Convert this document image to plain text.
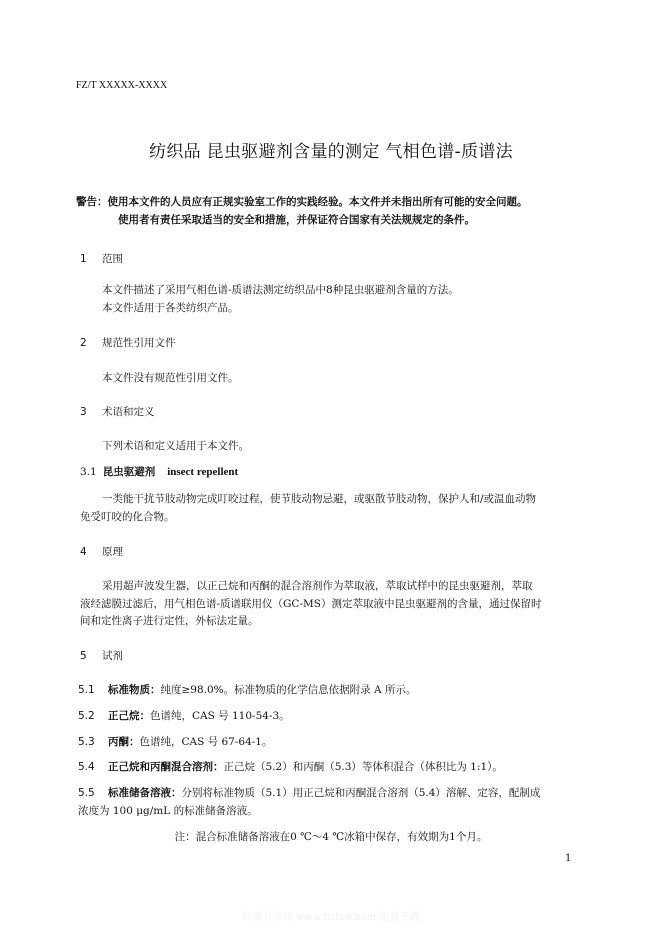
FZ/T XXXXX-XXXX
纺织品 昆虫驱避剂含量的测定 气相色谱-质谱法
警告：使用本文件的人员应有正规实验室工作的实践经验。本文件并未指出所有可能的安全问题。
使用者有责任采取适当的安全和措施，并保证符合国家有关法规规定的条件。
1 范围
本文件描述了采用气相色谱-质谱法测定纺织品中8种昆虫驱避剂含量的方法。
本文件适用于各类纺织产品。
2 规范性引用文件
本文件没有规范性引用文件。
3 术语和定义
下列术语和定义适用于本文件。
3.1 昆虫驱避剂 insect repellent
一类能干扰节肢动物完成叮咬过程，使节肢动物忌避，或驱散节肢动物，保护人和/或温血动物
免受叮咬的化合物。
4 原理
采用超声波发生器，以正己烷和丙酮的混合溶剂作为萃取液，萃取试样中的昆虫驱避剂，萃取
液经滤膜过滤后，用气相色谱-质谱联用仪（GC-MS）测定萃取液中昆虫驱避剂的含量，通过保留时
间和定性离子进行定性，外标法定量。
5 试剂
5.1 标准物质：纯度≥98.0%。标准物质的化学信息依据附录 A 所示。
5.2 正己烷：色谱纯，CAS 号 110-54-3。
5.3 丙酮：色谱纯，CAS 号 67-64-1。
5.4 正己烷和丙酮混合溶剂：正己烷（5.2）和丙酮（5.3）等体积混合（体积比为 1:1）。
5.5 标准储备溶液：分别将标准物质（5.1）用正己烷和丙酮混合溶剂（5.4）溶解、定容，配制成
浓度为 100 μg/mL 的标准储备溶液。
注：混合标准储备溶液在0 ℃～4 ℃冰箱中保存，有效期为1个月。
1
标准分享网 www.bzfxw.com 免费下载
